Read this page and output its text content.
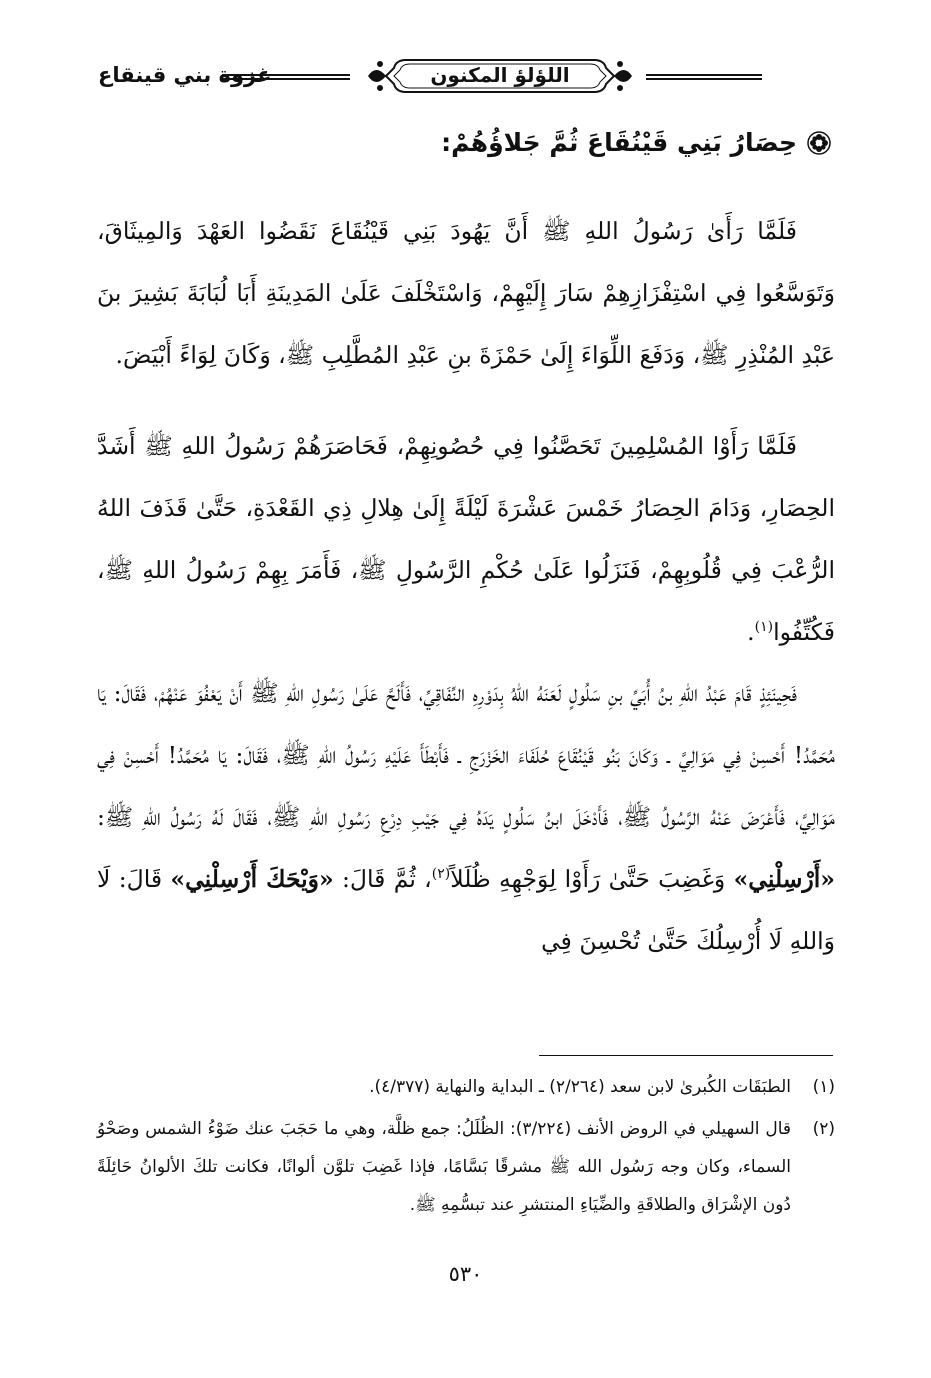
غزوة بني قينقاع	اللؤلؤ المكنون
حِصَارُ بَنِي قَيْنُقَاعَ ثُمَّ جَلاؤُهُمْ:

فَلَمَّا رَأَىٰ رَسُولُ اللهِ ﷺ أَنَّ يَهُودَ بَنِي قَيْنُقَاعَ نَقَضُوا العَهْدَ وَالمِيثَاقَ، وَتَوَسَّعُوا فِي اسْتِفْزَازِهِمْ سَارَ إِلَيْهِمْ، وَاسْتَخْلَفَ عَلَىٰ المَدِينَةِ أَبَا لُبَابَةَ بَشِيرَ بنَ عَبْدِ المُنْذِرِ ﷺ، وَدَفَعَ اللِّوَاءَ إِلَىٰ حَمْزَةَ بنِ عَبْدِ المُطَّلِبِ ﷺ، وَكَانَ لِوَاءً أَبْيَضَ.

فَلَمَّا رَأَوْا المُسْلِمِينَ تَحَصَّنُوا فِي حُصُونِهِمْ، فَحَاصَرَهُمْ رَسُولُ اللهِ ﷺ أَشَدَّ الحِصَارِ، وَدَامَ الحِصَارُ خَمْسَ عَشْرَةَ لَيْلَةً إِلَىٰ هِلالِ ذِي القَعْدَةِ، حَتَّىٰ قَذَفَ اللهُ الرُّعْبَ فِي قُلُوبِهِمْ، فَنَزَلُوا عَلَىٰ حُكْمِ الرَّسُولِ ﷺ، فَأَمَرَ بِهِمْ رَسُولُ اللهِ ﷺ، فَكُتِّفُوا$^{(١)}$.

فَحِينَئِذٍ قَامَ عَبْدُ اللهِ بنُ أُبَيِّ بنِ سَلُولٍ لَعَنَهُ اللهُ بِدَوْرِهِ النِّفَاقِيِّ، فَأَلَحَّ عَلَىٰ رَسُولِ اللهِ ﷺ أَنْ يَعْفُوَ عَنْهُمْ، فَقَالَ: يَا مُحَمَّدُ! أَحْسِنْ فِي مَوَالِيَّ ـ وَكَانَ بَنُو قَيْنُقَاعَ حُلَفَاءَ الخَزْرَجِ ـ فَأَبْطَأَ عَلَيْهِ رَسُولُ اللهِ ﷺ، فَقَالَ: يَا مُحَمَّدُ! أَحْسِنْ فِي مَوَالِيَّ، فَأَعْرَضَ عَنْهُ الرَّسُولُ ﷺ، فَأَدْخَلَ ابنُ سَلُولٍ يَدَهُ فِي جَيْبِ دِرْعِ رَسُولِ اللهِ ﷺ، فَقَالَ لَهُ رَسُولُ اللهِ ﷺ: «أَرْسِلْنِي» وَغَضِبَ حَتَّىٰ رَأَوْا لِوَجْهِهِ ظُلَلاً$^{(٢)}$، ثُمَّ قَالَ: «وَيْحَكَ أَرْسِلْنِي» قَالَ: لَا وَاللهِ لَا أُرْسِلُكَ حَتَّىٰ تُحْسِنَ فِي

(١)
الطبَقَات الكُبرىٰ لابن سعد (٢/٢٦٤) ـ البداية والنهاية (٤/٣٧٧).
(٢)
قال السهيلي في الروض الأنف (٣/٢٢٤): الظُلَلُ: جمع ظلَّة، وهي ما حَجَبَ عنك ضَوْءُ الشمس وصَحْوُ السماء، وكان وجه رَسُول الله ﷺ مشرقًا بَسَّامًا، فإذا غَضِبَ تلوَّن ألوانًا، فكانت تلكَ الألوانُ حَائِلَةً دُون الإشْرَاق والطلاقَةِ والضِّيَاءِ المنتشرِ عند تبسُّمِهِ ﷺ.
٥٣٠
